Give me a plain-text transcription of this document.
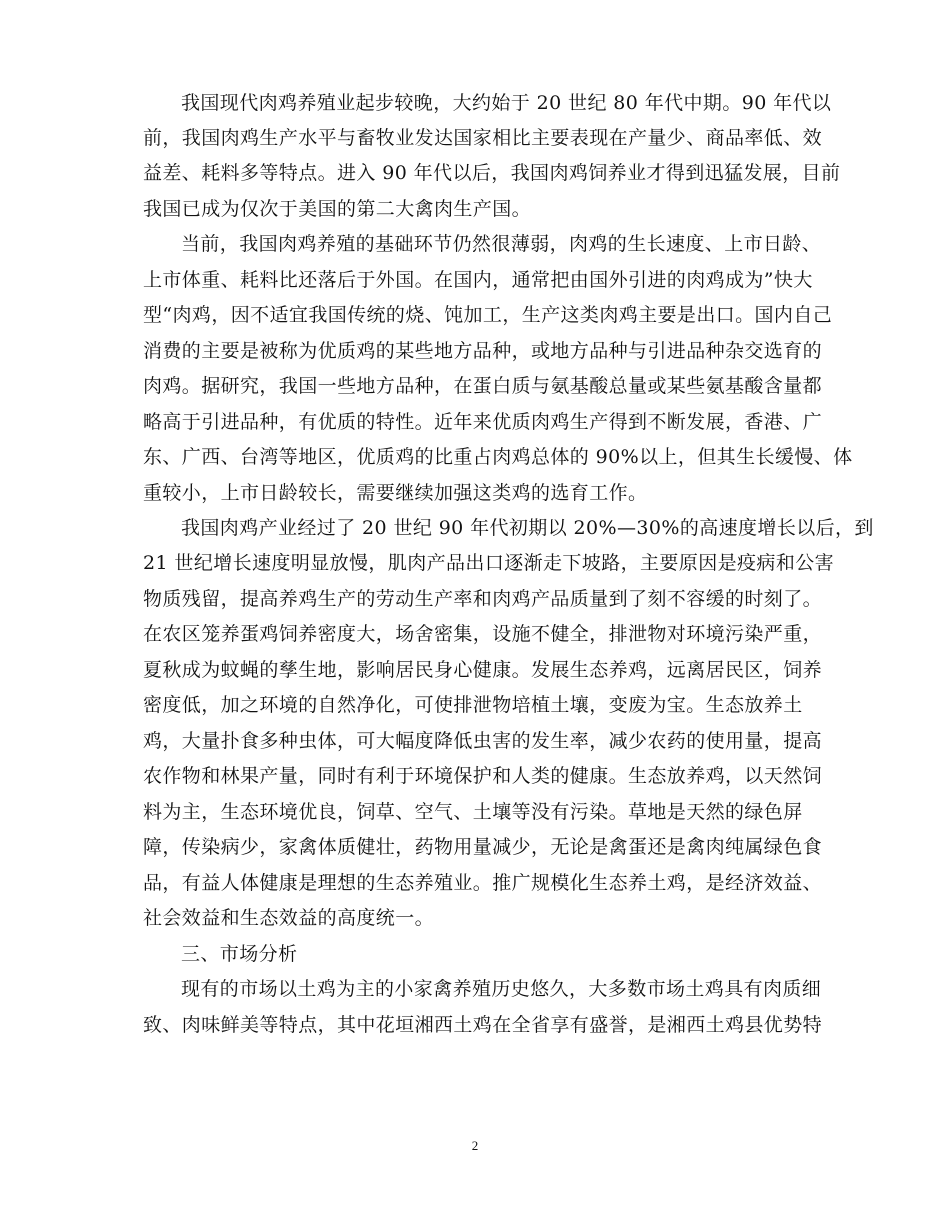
我国现代肉鸡养殖业起步较晚，大约始于 20 世纪 80 年代中期。90 年代以
前，我国肉鸡生产水平与畜牧业发达国家相比主要表现在产量少、商品率低、效
益差、耗料多等特点。进入 90 年代以后，我国肉鸡饲养业才得到迅猛发展，目前
我国已成为仅次于美国的第二大禽肉生产国。
当前，我国肉鸡养殖的基础环节仍然很薄弱，肉鸡的生长速度、上市日龄、
上市体重、耗料比还落后于外国。在国内，通常把由国外引进的肉鸡成为”快大
型“肉鸡，因不适宜我国传统的烧、饨加工，生产这类肉鸡主要是出口。国内自己
消费的主要是被称为优质鸡的某些地方品种，或地方品种与引进品种杂交选育的
肉鸡。据研究，我国一些地方品种，在蛋白质与氨基酸总量或某些氨基酸含量都
略高于引进品种，有优质的特性。近年来优质肉鸡生产得到不断发展，香港、广
东、广西、台湾等地区，优质鸡的比重占肉鸡总体的 90%以上，但其生长缓慢、体
重较小，上市日龄较长，需要继续加强这类鸡的选育工作。
我国肉鸡产业经过了 20 世纪 90 年代初期以 20%—30%的高速度增长以后，到
21 世纪增长速度明显放慢，肌肉产品出口逐渐走下坡路，主要原因是疫病和公害
物质残留，提高养鸡生产的劳动生产率和肉鸡产品质量到了刻不容缓的时刻了。
在农区笼养蛋鸡饲养密度大，场舍密集，设施不健全，排泄物对环境污染严重，
夏秋成为蚊蝇的孳生地，影响居民身心健康。发展生态养鸡，远离居民区，饲养
密度低，加之环境的自然净化，可使排泄物培植土壤，变废为宝。生态放养土
鸡，大量扑食多种虫体，可大幅度降低虫害的发生率，减少农药的使用量，提高
农作物和林果产量，同时有利于环境保护和人类的健康。生态放养鸡，以天然饲
料为主，生态环境优良，饲草、空气、土壤等没有污染。草地是天然的绿色屏
障，传染病少，家禽体质健壮，药物用量减少，无论是禽蛋还是禽肉纯属绿色食
品，有益人体健康是理想的生态养殖业。推广规模化生态养土鸡，是经济效益、
社会效益和生态效益的高度统一。
三、市场分析
现有的市场以土鸡为主的小家禽养殖历史悠久，大多数市场土鸡具有肉质细
致、肉味鲜美等特点，其中花垣湘西土鸡在全省享有盛誉，是湘西土鸡县优势特
2
